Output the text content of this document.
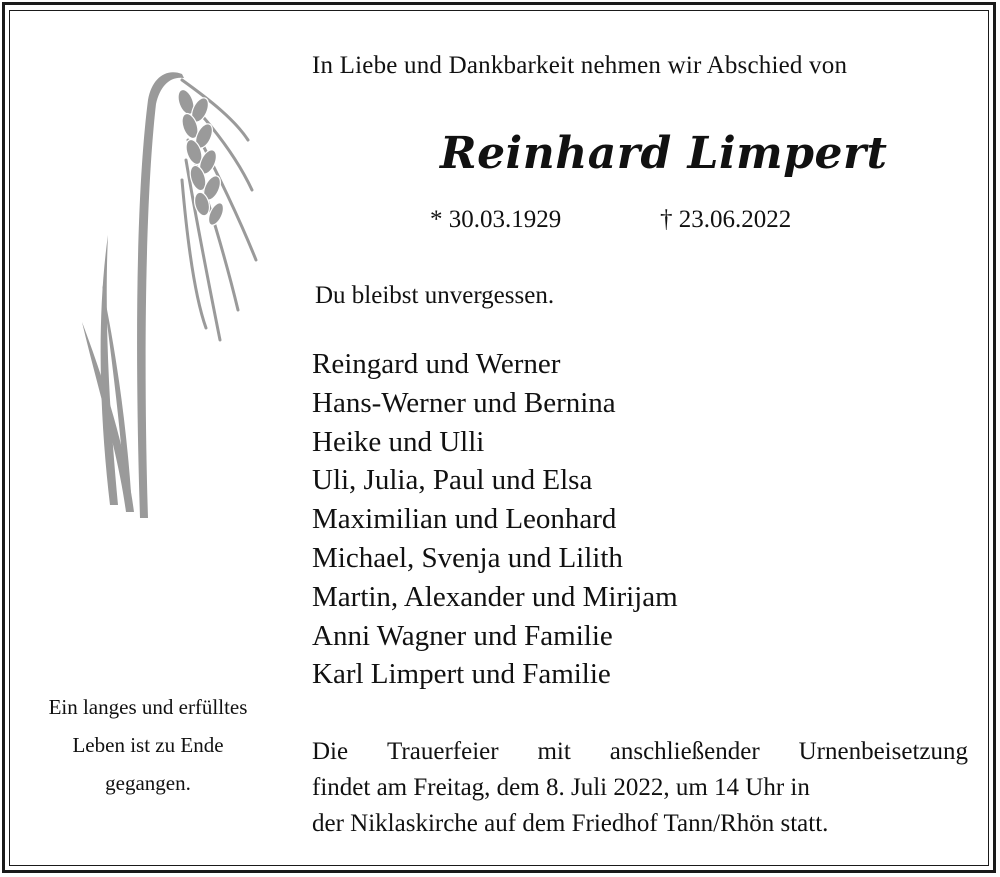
In Liebe und Dankbarkeit nehmen wir Abschied von
Reinhard Limpert
* 30.03.1929	† 23.06.2022
Du bleibst unvergessen.
Reingard und Werner
Hans-Werner und Bernina
Heike und Ulli
Uli, Julia, Paul und Elsa
Maximilian und Leonhard
Michael, Svenja und Lilith
Martin, Alexander und Mirijam
Anni Wagner und Familie
Karl Limpert und Familie
Ein langes und erfülltes
Leben ist zu Ende
gegangen.
Die Trauerfeier mit anschließender Urnenbeisetzung
findet am Freitag, dem 8. Juli 2022, um 14 Uhr in
der Niklaskirche auf dem Friedhof Tann/Rhön statt.
